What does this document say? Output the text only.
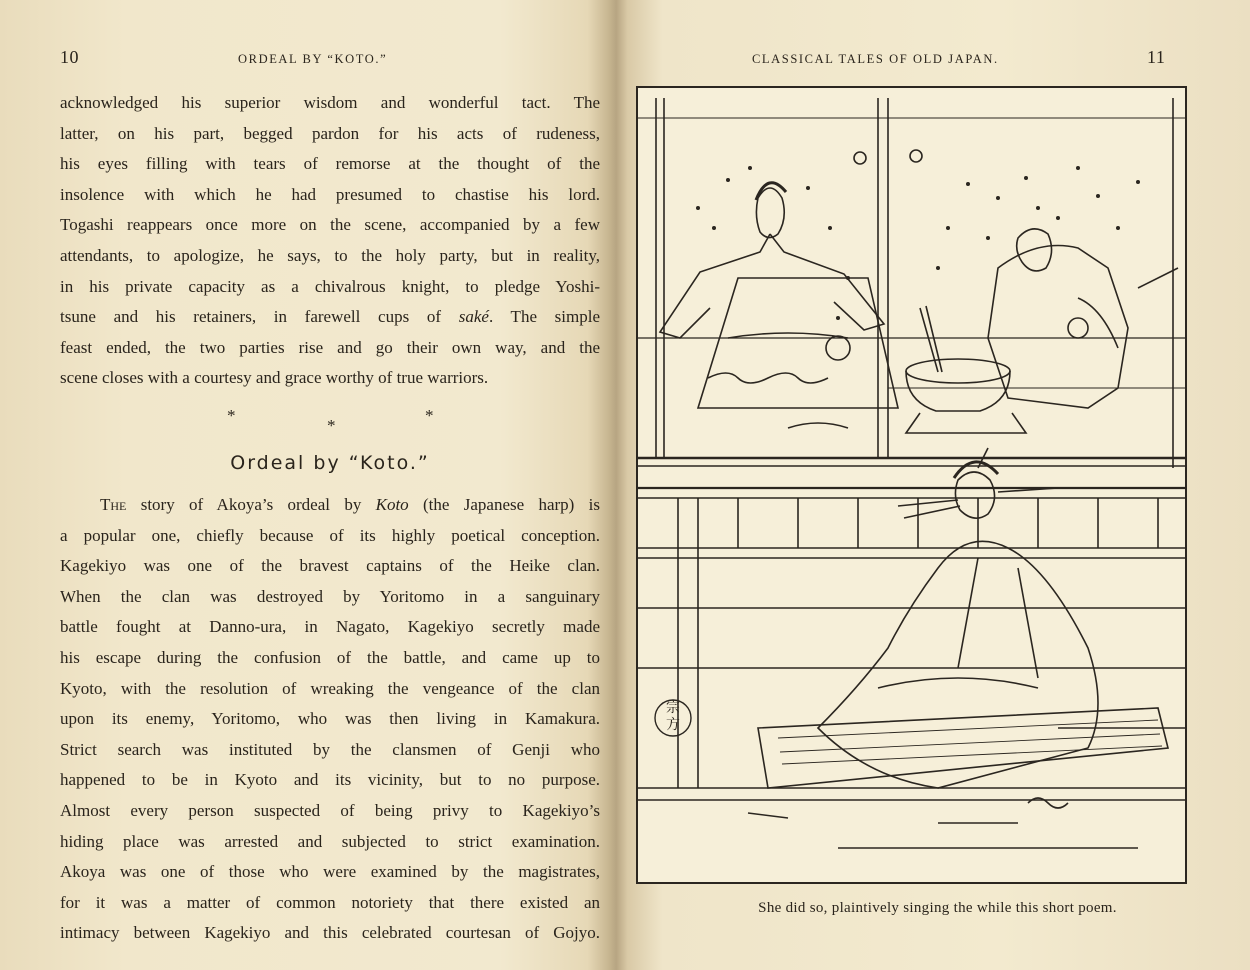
10	ORDEAL BY “KOTO.”
acknowledged his superior wisdom and wonderful tact. The
latter, on his part, begged pardon for his acts of rudeness,
his eyes filling with tears of remorse at the thought of the
insolence with which he had presumed to chastise his lord.
Togashi reappears once more on the scene, accompanied by a few
attendants, to apologize, he says, to the holy party, but in reality,
in his private capacity as a chivalrous knight, to pledge Yoshi-
tsune and his retainers, in farewell cups of saké. The simple
feast ended, the two parties rise and go their own way, and the
scene closes with a courtesy and grace worthy of true warriors.
*
*
*
Ordeal by “Koto.”
The story of Akoya’s ordeal by Koto (the Japanese harp) is
a popular one, chiefly because of its highly poetical conception.
Kagekiyo was one of the bravest captains of the Heike clan.
When the clan was destroyed by Yoritomo in a sanguinary
battle fought at Danno-ura, in Nagato, Kagekiyo secretly made
his escape during the confusion of the battle, and came up to
Kyoto, with the resolution of wreaking the vengeance of the clan
upon its enemy, Yoritomo, who was then living in Kamakura.
Strict search was instituted by the clansmen of Genji who
happened to be in Kyoto and its vicinity, but to no purpose.
Almost every person suspected of being privy to Kagekiyo’s
hiding place was arrested and subjected to strict examination.
Akoya was one of those who were examined by the magistrates,
for it was a matter of common notoriety that there existed an
intimacy between Kagekiyo and this celebrated courtesan of Gojyo.
CLASSICAL TALES OF OLD JAPAN.	11
宗方
She did so, plaintively singing the while this short poem.
